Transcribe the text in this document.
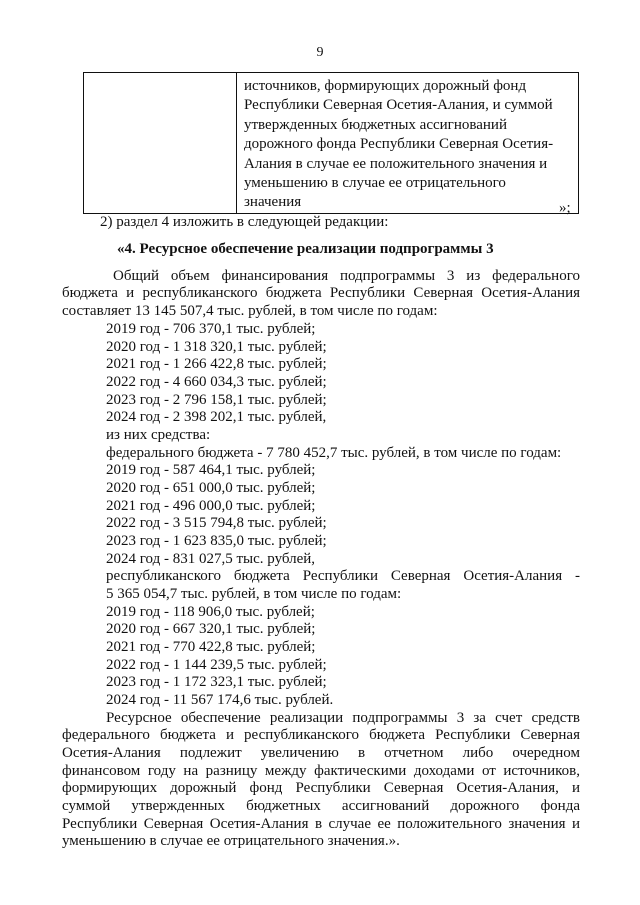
9

источников, формирующих дорожный фонд
Республики Северная Осетия-Алания, и суммой
утвержденных бюджетных ассигнований
дорожного фонда Республики Северная Осетия-
Алания в случае ее положительного значения и
уменьшению в случае ее отрицательного
значения	»;
2) раздел 4 изложить в следующей редакции:
«4. Ресурсное обеспечение реализации подпрограммы 3
Общий объем финансирования подпрограммы 3 из федерального
бюджета и республиканского бюджета Республики Северная Осетия-Алания
составляет 13 145 507,4 тыс. рублей, в том числе по годам:
2019 год - 706 370,1 тыс. рублей;
2020 год - 1 318 320,1 тыс. рублей;
2021 год - 1 266 422,8 тыс. рублей;
2022 год - 4 660 034,3 тыс. рублей;
2023 год - 2 796 158,1 тыс. рублей;
2024 год - 2 398 202,1 тыс. рублей,
из них средства:
федерального бюджета - 7 780 452,7 тыс. рублей, в том числе по годам:
2019 год - 587 464,1 тыс. рублей;
2020 год - 651 000,0 тыс. рублей;
2021 год - 496 000,0 тыс. рублей;
2022 год - 3 515 794,8 тыс. рублей;
2023 год - 1 623 835,0 тыс. рублей;
2024 год - 831 027,5 тыс. рублей,
республиканского бюджета Республики Северная Осетия-Алания -
5 365 054,7 тыс. рублей, в том числе по годам:
2019 год - 118 906,0 тыс. рублей;
2020 год - 667 320,1 тыс. рублей;
2021 год - 770 422,8 тыс. рублей;
2022 год - 1 144 239,5 тыс. рублей;
2023 год - 1 172 323,1 тыс. рублей;
2024 год - 11 567 174,6 тыс. рублей.
Ресурсное обеспечение реализации подпрограммы 3 за счет средств
федерального бюджета и республиканского бюджета Республики Северная
Осетия-Алания подлежит увеличению в отчетном либо очередном
финансовом году на разницу между фактическими доходами от источников,
формирующих дорожный фонд Республики Северная Осетия-Алания, и
суммой утвержденных бюджетных ассигнований дорожного фонда
Республики Северная Осетия-Алания в случае ее положительного значения и
уменьшению в случае ее отрицательного значения.».
